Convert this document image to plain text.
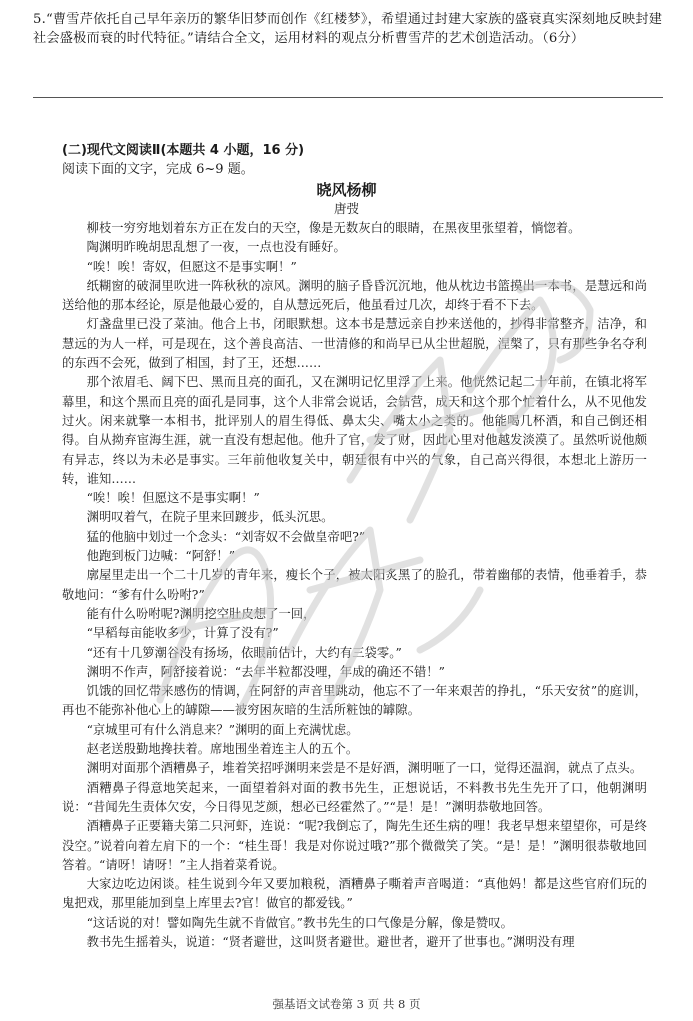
5.“曹雪芹依托自己早年亲历的繁华旧梦而创作《红楼梦》，希望通过封建大家族的盛衰真实深刻地反映封建社会盛极而衰的时代特征。”请结合全文，运用材料的观点分析曹雪芹的艺术创造活动。（6分）
(二)现代文阅读Ⅱ(本题共 4 小题，16 分)
阅读下面的文字，完成 6~9 题。
晓风杨柳
唐弢

柳枝一穷穷地划着东方正在发白的天空，像是无数灰白的眼睛，在黑夜里张望着，惝惚着。

陶渊明昨晚胡思乱想了一夜，一点也没有睡好。

“唉！唉！寄奴，但愿这不是事实啊！”

纸糊窗的破洞里吹进一阵秋秋的凉风。渊明的脑子昏昏沉沉地，他从枕边书篮摸出一本书，是慧远和尚送给他的那本经论，原是他最心爱的，自从慧远死后，他虽看过几次，却终于看不下去。

灯盏盘里已没了菜油。他合上书，闭眼默想。这本书是慧远亲自抄来送他的，抄得非常整齐，洁净，和慧远的为人一样，可是现在，这个善良高洁、一世清修的和尚早已从尘世超脱，涅槃了，只有那些争名夺利的东西不会死，做到了相国，封了王，还想……

那个浓眉毛、阔下巴、黑而且亮的面孔，又在渊明记忆里浮了上来。他恍然记起二十年前，在镇北将军幕里，和这个黑而且亮的面孔是同事，这个人非常会说话，会钻营，成天和这个那个忙着什么，从不见他发过火。闲来就擎一本相书，批评别人的眉生得低、鼻太尖、嘴太小之类的。他能喝几杯酒，和自己倒还相得。自从拗弃宦海生涯，就一直没有想起他。他升了官，发了财，因此心里对他越发淡漠了。虽然听说他颇有异志，终以为未必是事实。三年前他收复关中，朝廷很有中兴的气象，自己高兴得很，本想北上游历一转，谁知……

“唉！唉！但愿这不是事实啊！”

渊明叹着气，在院子里来回踱步，低头沉思。

猛的他脑中划过一个念头：“刘寄奴不会做皇帝吧?”

他跑到板门边喊：“阿舒！”

廓屋里走出一个二十几岁的青年来，瘦长个子，被太阳炙黑了的脸孔，带着幽郁的表情，他垂着手，恭敬地问：“爹有什么吩咐?”

能有什么吩咐呢?渊明挖空肚皮想了一回，

“早稻每亩能收多少，计算了没有?”

“还有十几箩潮谷没有扬场，依眼前估计，大约有三袋零。”

渊明不作声，阿舒接着说：“去年半粒都没哩，年成的确还不错！”

饥饿的回忆带来感伤的情调，在阿舒的声音里跳动，他忘不了一年来艰苦的挣扎，“乐天安贫”的庭训，再也不能弥补他心上的罅隙——被穷困灰暗的生活所粧蚀的罅隙。

“京城里可有什么消息来？”渊明的面上充满忧虑。

赵老送殷勤地搀扶着。席地围坐着连主人的五个。

渊明对面那个酒糟鼻子，堆着笑招呼渊明来尝是不是好酒，渊明咂了一口，觉得还温润，就点了点头。

酒糟鼻子得意地笑起来，一面望着斜对面的教书先生，正想说话，不料教书先生先开了口，他朝渊明说：“昔闻先生责体欠安，今日得见芝颜，想必已经霍然了。”“是！是！”渊明恭敬地回答。

酒糟鼻子正要籍夫第二只河虾，连说：“呢?我倒忘了，陶先生还生病的哩！我老早想来望望你，可是终没空。”说着向着左肩下的一个：“桂生哥！我是对你说过哦?”那个微微笑了笑。“是！是！”渊明很恭敬地回答着。“请呀！请呀！”主人指着菜肴说。

大家边吃边闲谈。桂生说到今年又要加粮税，酒糟鼻子嘶着声音喝道：“真他妈！都是这些官府们玩的鬼把戏，那里能加到皇上库里去?官！做官的都爱钱。”

“这话说的对！譬如陶先生就不肯做官。”教书先生的口气像是分解，像是赞叹。

教书先生摇着头，说道：“贤者避世，这叫贤者避世。避世者，避开了世事也。”渊明没有理

强基语文试卷第 3 页 共 8 页
